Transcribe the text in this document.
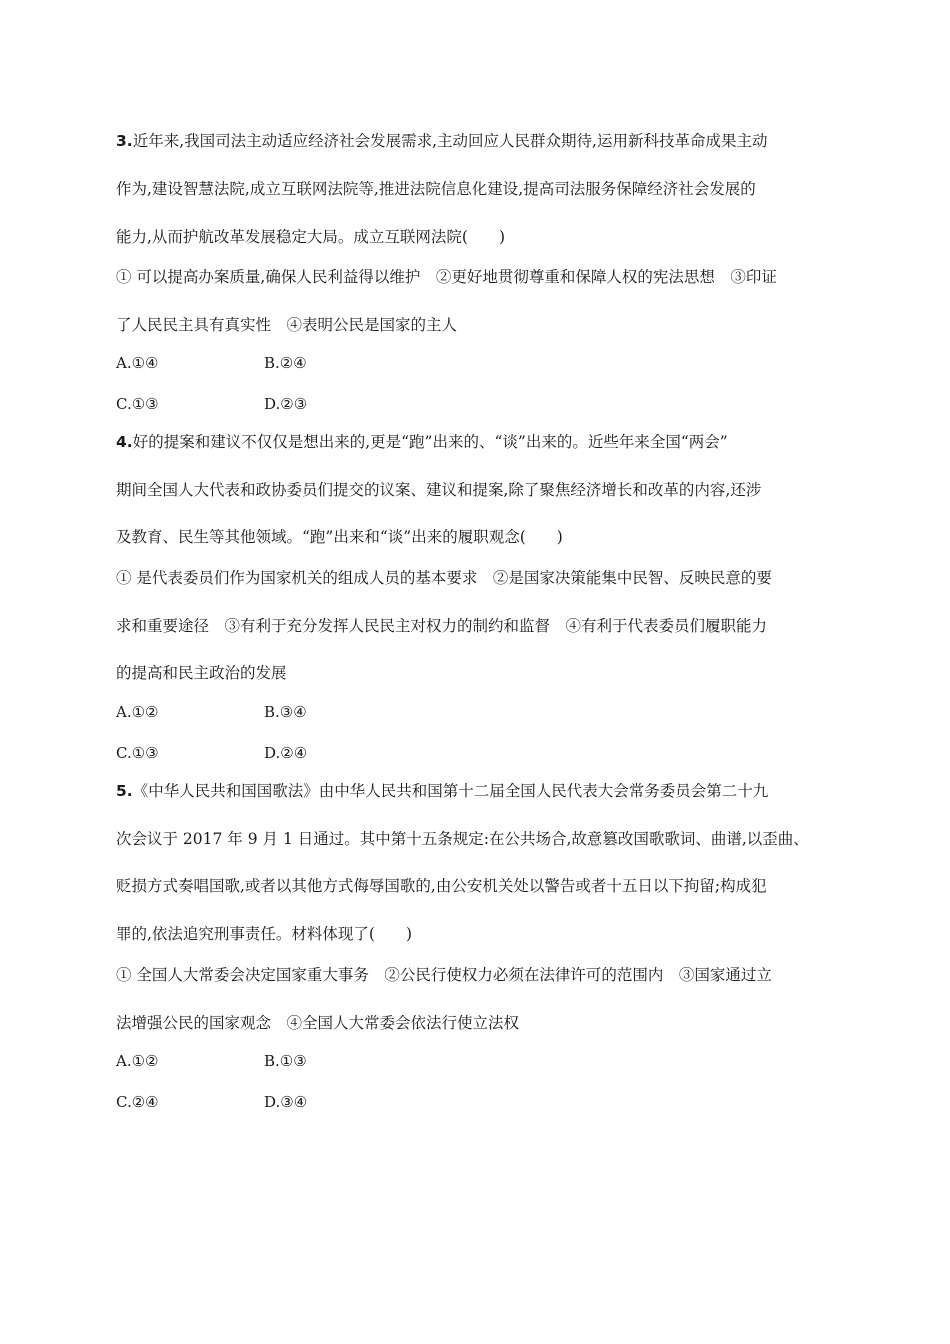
3.近年来,我国司法主动适应经济社会发展需求,主动回应人民群众期待,运用新科技革命成果主动
作为,建设智慧法院,成立互联网法院等,推进法院信息化建设,提高司法服务保障经济社会发展的
能力,从而护航改革发展稳定大局。成立互联网法院(　　)
① 可以提高办案质量,确保人民利益得以维护　②更好地贯彻尊重和保障人权的宪法思想　③印证
了人民民主具有真实性　④表明公民是国家的主人
A.①④	B.②④
C.①③	D.②③
4.好的提案和建议不仅仅是想出来的,更是“跑”出来的、“谈”出来的。近些年来全国“两会”
期间全国人大代表和政协委员们提交的议案、建议和提案,除了聚焦经济增长和改革的内容,还涉
及教育、民生等其他领域。“跑”出来和“谈”出来的履职观念(　　)
① 是代表委员们作为国家机关的组成人员的基本要求　②是国家决策能集中民智、反映民意的要
求和重要途径　③有利于充分发挥人民民主对权力的制约和监督　④有利于代表委员们履职能力
的提高和民主政治的发展
A.①②	B.③④
C.①③	D.②④
5.《中华人民共和国国歌法》由中华人民共和国第十二届全国人民代表大会常务委员会第二十九
次会议于 2017 年 9 月 1 日通过。其中第十五条规定:在公共场合,故意篡改国歌歌词、曲谱,以歪曲、
贬损方式奏唱国歌,或者以其他方式侮辱国歌的,由公安机关处以警告或者十五日以下拘留;构成犯
罪的,依法追究刑事责任。材料体现了(　　)
① 全国人大常委会决定国家重大事务　②公民行使权力必须在法律许可的范围内　③国家通过立
法增强公民的国家观念　④全国人大常委会依法行使立法权
A.①②	B.①③
C.②④	D.③④
